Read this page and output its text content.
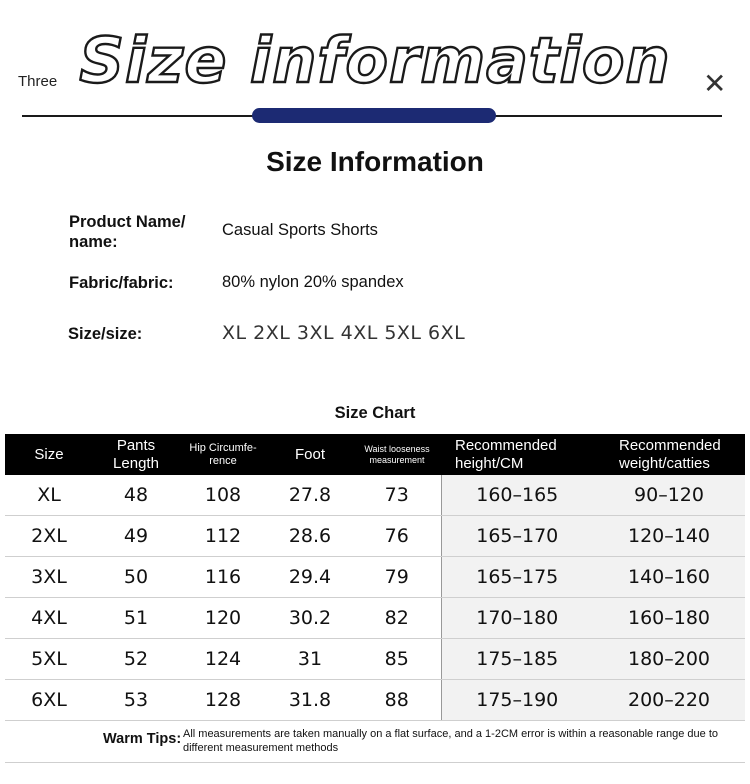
Three Size information	✕
Size Information
Product Name/ name:
Casual Sports Shorts
Fabric/fabric:	80% nylon 20% spandex
Size/size:	XL 2XL 3XL 4XL 5XL 6XL
Size Chart
Size	Pants Length	Hip Circumfe-rence	Foot	Waist looseness measurement	Recommended height/CM	Recommended weight/catties
XL	48	108	27.8	73	160–165	90–120
2XL	49	112	28.6	76	165–170	120–140
3XL	50	116	29.4	79	165–175	140–160
4XL	51	120	30.2	82	170–180	160–180
5XL	52	124	31	85	175–185	180–200
6XL	53	128	31.8	88	175–190	200–220
Warm Tips: All measurements are taken manually on a flat surface, and a 1-2CM error is within a reasonable range due to different measurement methods
